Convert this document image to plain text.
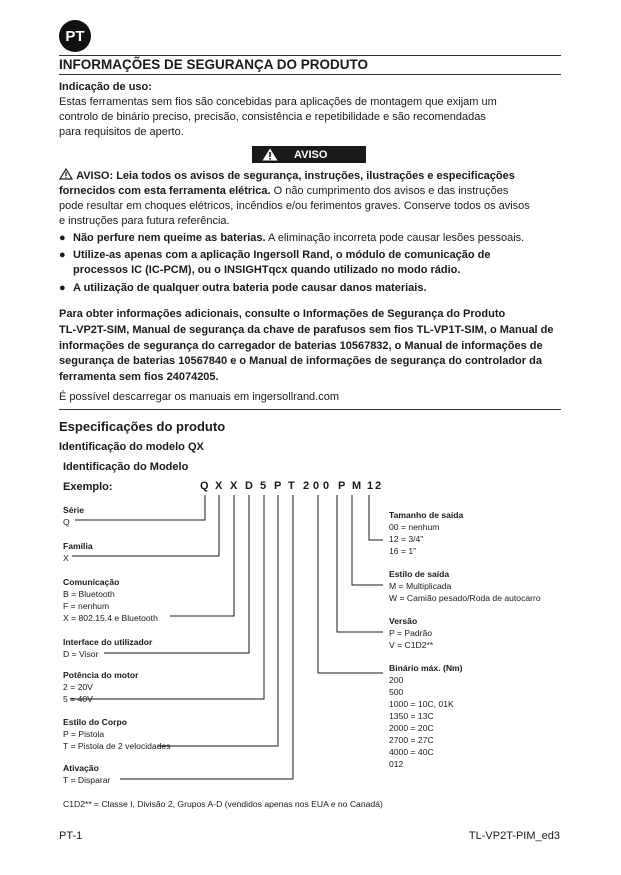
PT
INFORMAÇÕES DE SEGURANÇA DO PRODUTO
Indicação de uso:
Estas ferramentas sem fios são concebidas para aplicações de montagem que exijam um
controlo de binário preciso, precisão, consistência e repetibilidade e são recomendadas
para requisitos de aperto.
AVISO
AVISO: Leia todos os avisos de segurança, instruções, ilustrações e especificações
fornecidos com esta ferramenta elétrica. O não cumprimento dos avisos e das instruções
pode resultar em choques elétricos, incêndios e/ou ferimentos graves. Conserve todos os avisos
e instruções para futura referência.
● Não perfure nem queime as baterias. A eliminação incorreta pode causar lesões pessoais.
● Utilize-as apenas com a aplicação Ingersoll Rand, o módulo de comunicação de
processos IC (IC-PCM), ou o INSIGHTqcx quando utilizado no modo rádio.
● A utilização de qualquer outra bateria pode causar danos materiais.
Para obter informações adicionais, consulte o Informações de Segurança do Produto
TL-VP2T-SIM, Manual de segurança da chave de parafusos sem fios TL-VP1T-SIM, o Manual de
informações de segurança do carregador de baterias 10567832, o Manual de informações de
segurança de baterias 10567840 e o Manual de informações de segurança do controlador da
ferramenta sem fios 24074205.
É possível descarregar os manuais em ingersollrand.com
Especificações do produto
Identificação do modelo QX
Identificação do Modelo
Exemplo:	Q X X D 5 P T 2 0 0 P M 1 2
Série
Q
Família
X
Comunicação
B = Bluetooth
F = nenhum
X = 802.15.4 e Bluetooth
Interface do utilizador
D = Visor
Potência do motor
2 = 20V
5 = 40V
Estilo do Corpo
P = Pistola
T = Pistola de 2 velocidades
Ativação
T = Disparar
Tamanho de saída
00 = nenhum
12 = 3/4"
16 = 1"
Estilo de saída
M = Multiplicada
W = Camião pesado/Roda de autocarro
Versão
P = Padrão
V = C1D2**
Binário máx. (Nm)
200
500
1000 = 10C, 01K
1350 = 13C
2000 = 20C
2700 = 27C
4000 = 40C
012
C1D2** = Classe I, Divisão 2, Grupos A-D (vendidos apenas nos EUA e no Canadá)
PT-1	TL-VP2T-PIM_ed3
